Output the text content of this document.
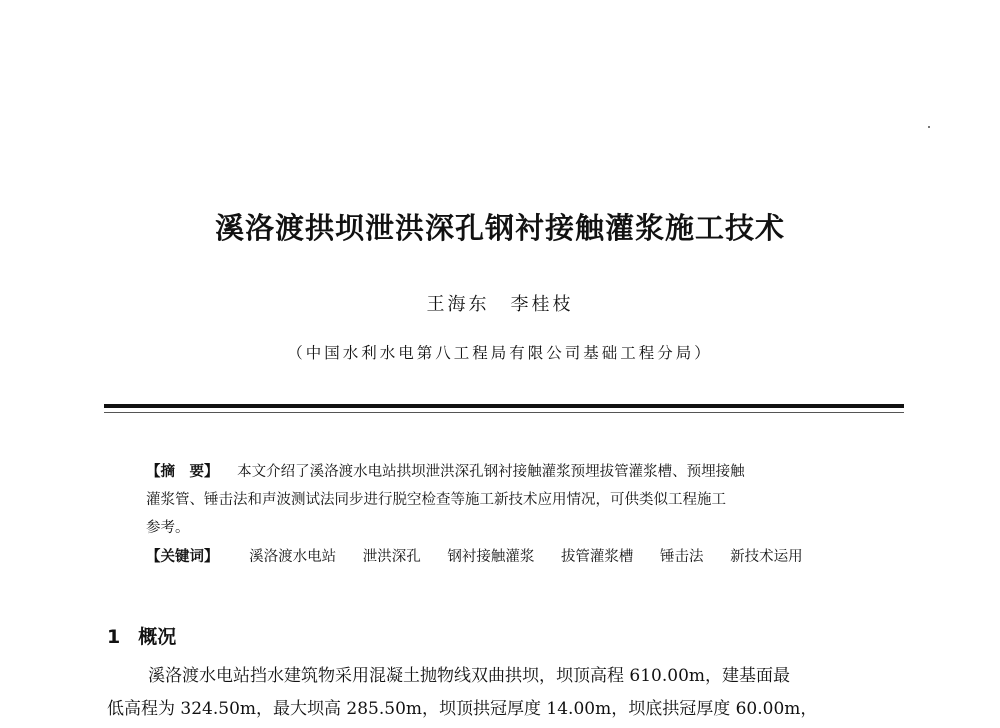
溪洛渡拱坝泄洪深孔钢衬接触灌浆施工技术
王海东　李桂枝
（中国水利水电第八工程局有限公司基础工程分局）
【摘　要】 本文介绍了溪洛渡水电站拱坝泄洪深孔钢衬接触灌浆预埋拔管灌浆槽、预埋接触
灌浆管、锤击法和声波测试法同步进行脱空检查等施工新技术应用情况，可供类似工程施工
参考。
【关键词】 溪洛渡水电站 泄洪深孔 钢衬接触灌浆 拔管灌浆槽 锤击法 新技术运用
1 概况
溪洛渡水电站挡水建筑物采用混凝土抛物线双曲拱坝，坝顶高程 610.00m，建基面最
低高程为 324.50m，最大坝高 285.50m，坝顶拱冠厚度 14.00m，坝底拱冠厚度 60.00m，
